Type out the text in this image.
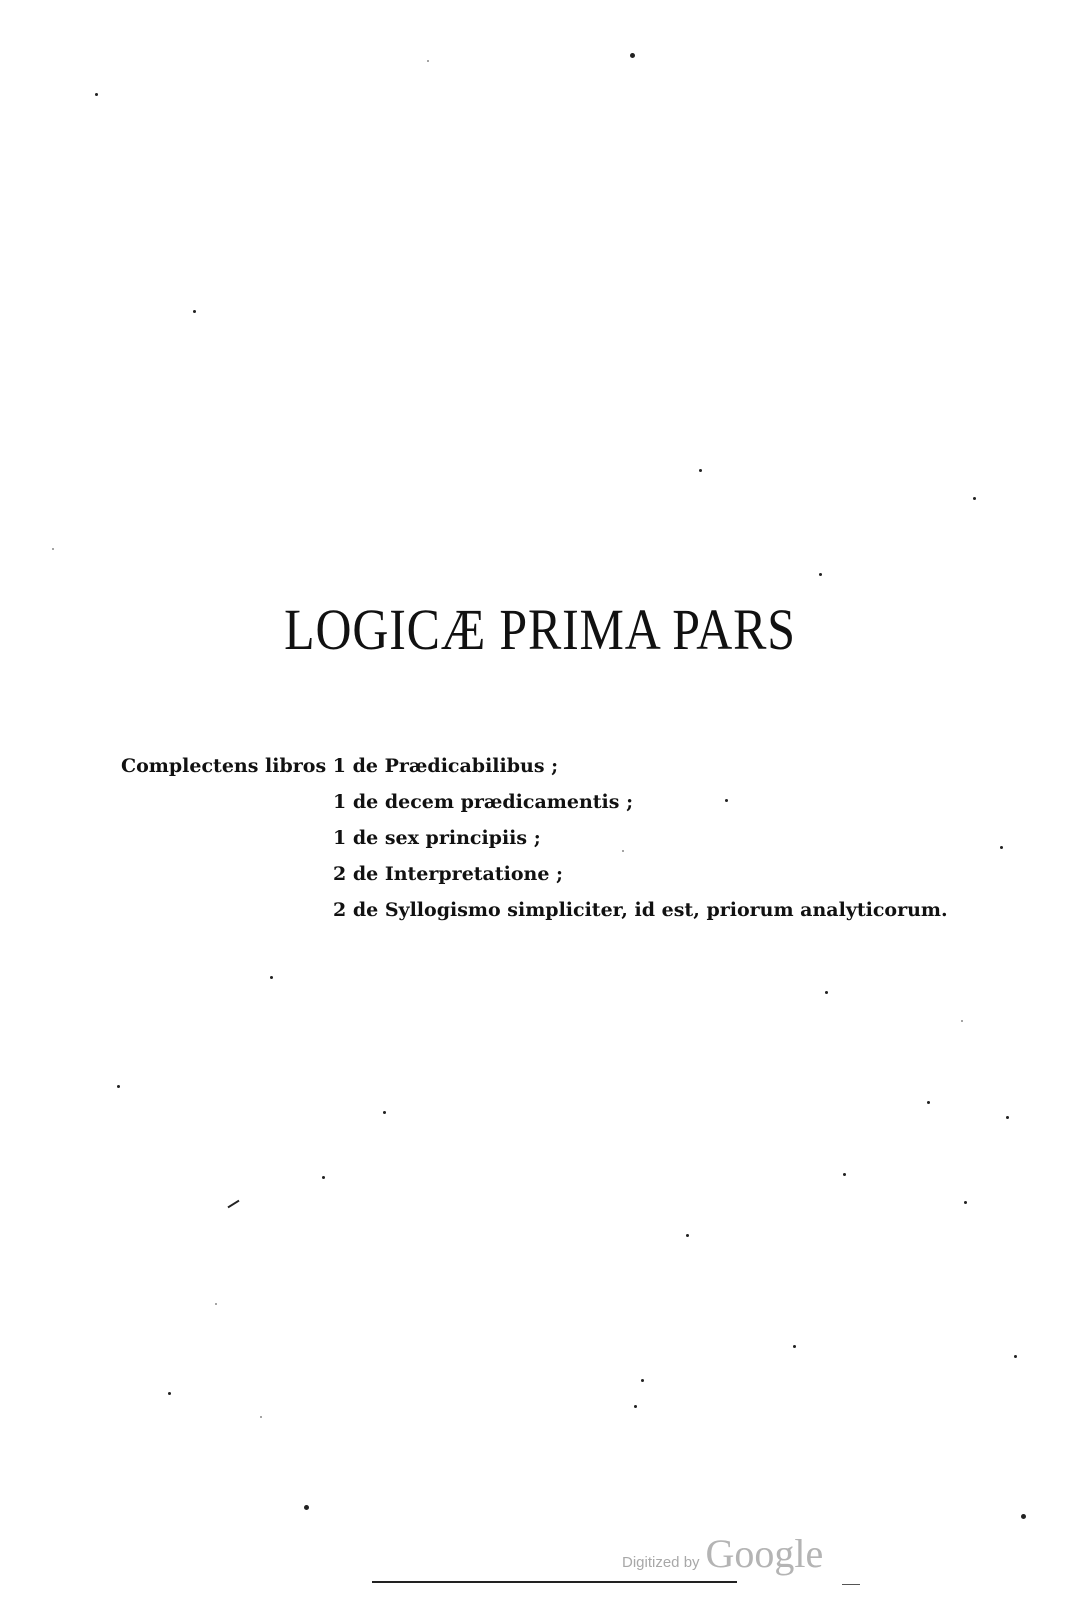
LOGICÆ PRIMA PARS
Complectens libros 1 de Prædicabilibus ;
1 de decem prædicamentis ;
1 de sex principiis ;
2 de Interpretatione ;
2 de Syllogismo simpliciter, id est, priorum analyticorum.
Digitized by Google
